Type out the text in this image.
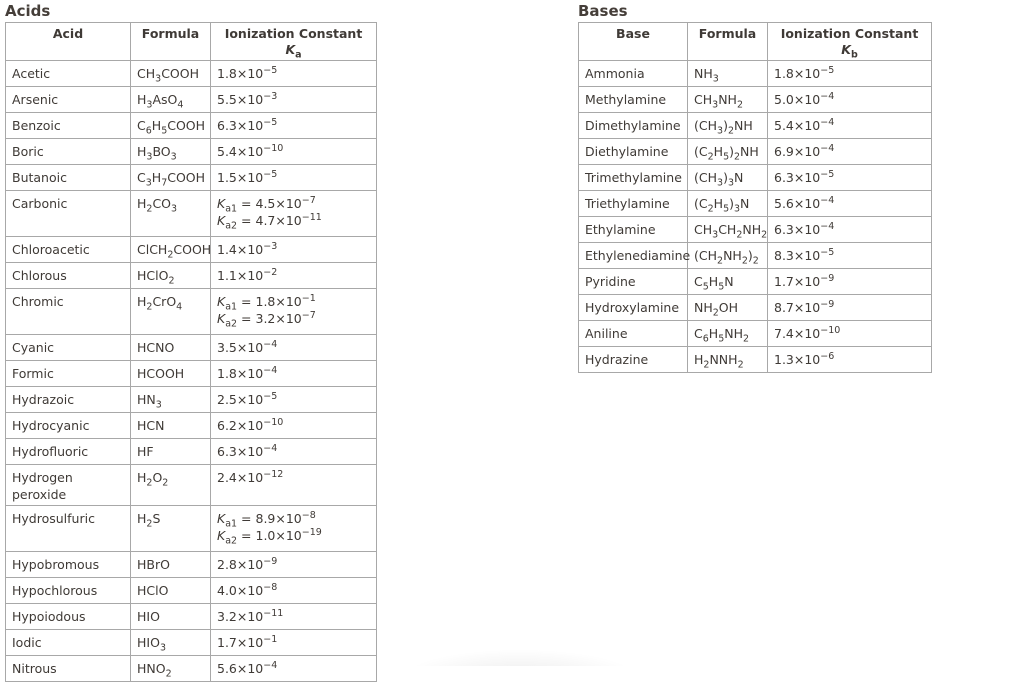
Acids
Acid	Formula	Ionization Constant $K_a$
Acetic	$CH_3COOH$	$1.8\times 10^{-5}$

Arsenic	$H_3AsO_4$	$5.5\times 10^{-3}$

Benzoic	$C_6H_5COOH$	$6.3\times 10^{-5}$

Boric	$H_3BO_3$	$5.4\times 10^{-10}$

Butanoic	$C_3H_7COOH$	$1.5\times 10^{-5}$

Carbonic	$H_2CO_3$	$K_{a1} = 4.5\times 10^{-7}$
$K_{a2} = 4.7\times 10^{-11}$

Chloroacetic	ClCH$_2$COOH	$1.4\times 10^{-3}$

Chlorous	HClO$_2$	$1.1\times 10^{-2}$

Chromic	$H_2CrO_4$	$K_{a1} = 1.8\times 10^{-1}$
$K_{a2} = 3.2\times 10^{-7}$

Cyanic	HCNO	$3.5\times 10^{-4}$

Formic	HCOOH	$1.8\times 10^{-4}$

Hydrazoic	$HN_3$	$2.5\times 10^{-5}$

Hydrocyanic	HCN	$6.2\times 10^{-10}$

Hydrofluoric	HF	$6.3\times 10^{-4}$

Hydrogen peroxide	$H_2O_2$	$2.4\times 10^{-12}$

Hydrosulfuric	$H_2S$	$K_{a1} = 8.9\times 10^{-8}$
$K_{a2} = 1.0\times 10^{-19}$

Hypobromous	HBrO	$2.8\times 10^{-9}$

Hypochlorous	HClO	$4.0\times 10^{-8}$

Hypoiodous	HIO	$3.2\times 10^{-11}$

Iodic	$HIO_3$	$1.7\times 10^{-1}$

Nitrous	$HNO_2$	$5.6\times 10^{-4}$
Bases
Base	Formula	Ionization Constant $K_b$
Ammonia	$NH_3$	$1.8\times 10^{-5}$

Methylamine	$CH_3NH_2$	$5.0\times 10^{-4}$

Dimethylamine	$(CH_3)_2NH$	$5.4\times 10^{-4}$

Diethylamine	$(C_2H_5)_2NH$	$6.9\times 10^{-4}$

Trimethylamine	$(CH_3)_3N$	$6.3\times 10^{-5}$

Triethylamine	$(C_2H_5)_3N$	$5.6\times 10^{-4}$

Ethylamine	$CH_3CH_2NH_2$	$6.3\times 10^{-4}$

Ethylenediamine	$(CH_2NH_2)_2$	$8.3\times 10^{-5}$

Pyridine	$C_5H_5N$	$1.7\times 10^{-9}$

Hydroxylamine	$NH_2OH$	$8.7\times 10^{-9}$

Aniline	$C_6H_5NH_2$	$7.4\times 10^{-10}$

Hydrazine	$H_2NNH_2$	$1.3\times 10^{-6}$
